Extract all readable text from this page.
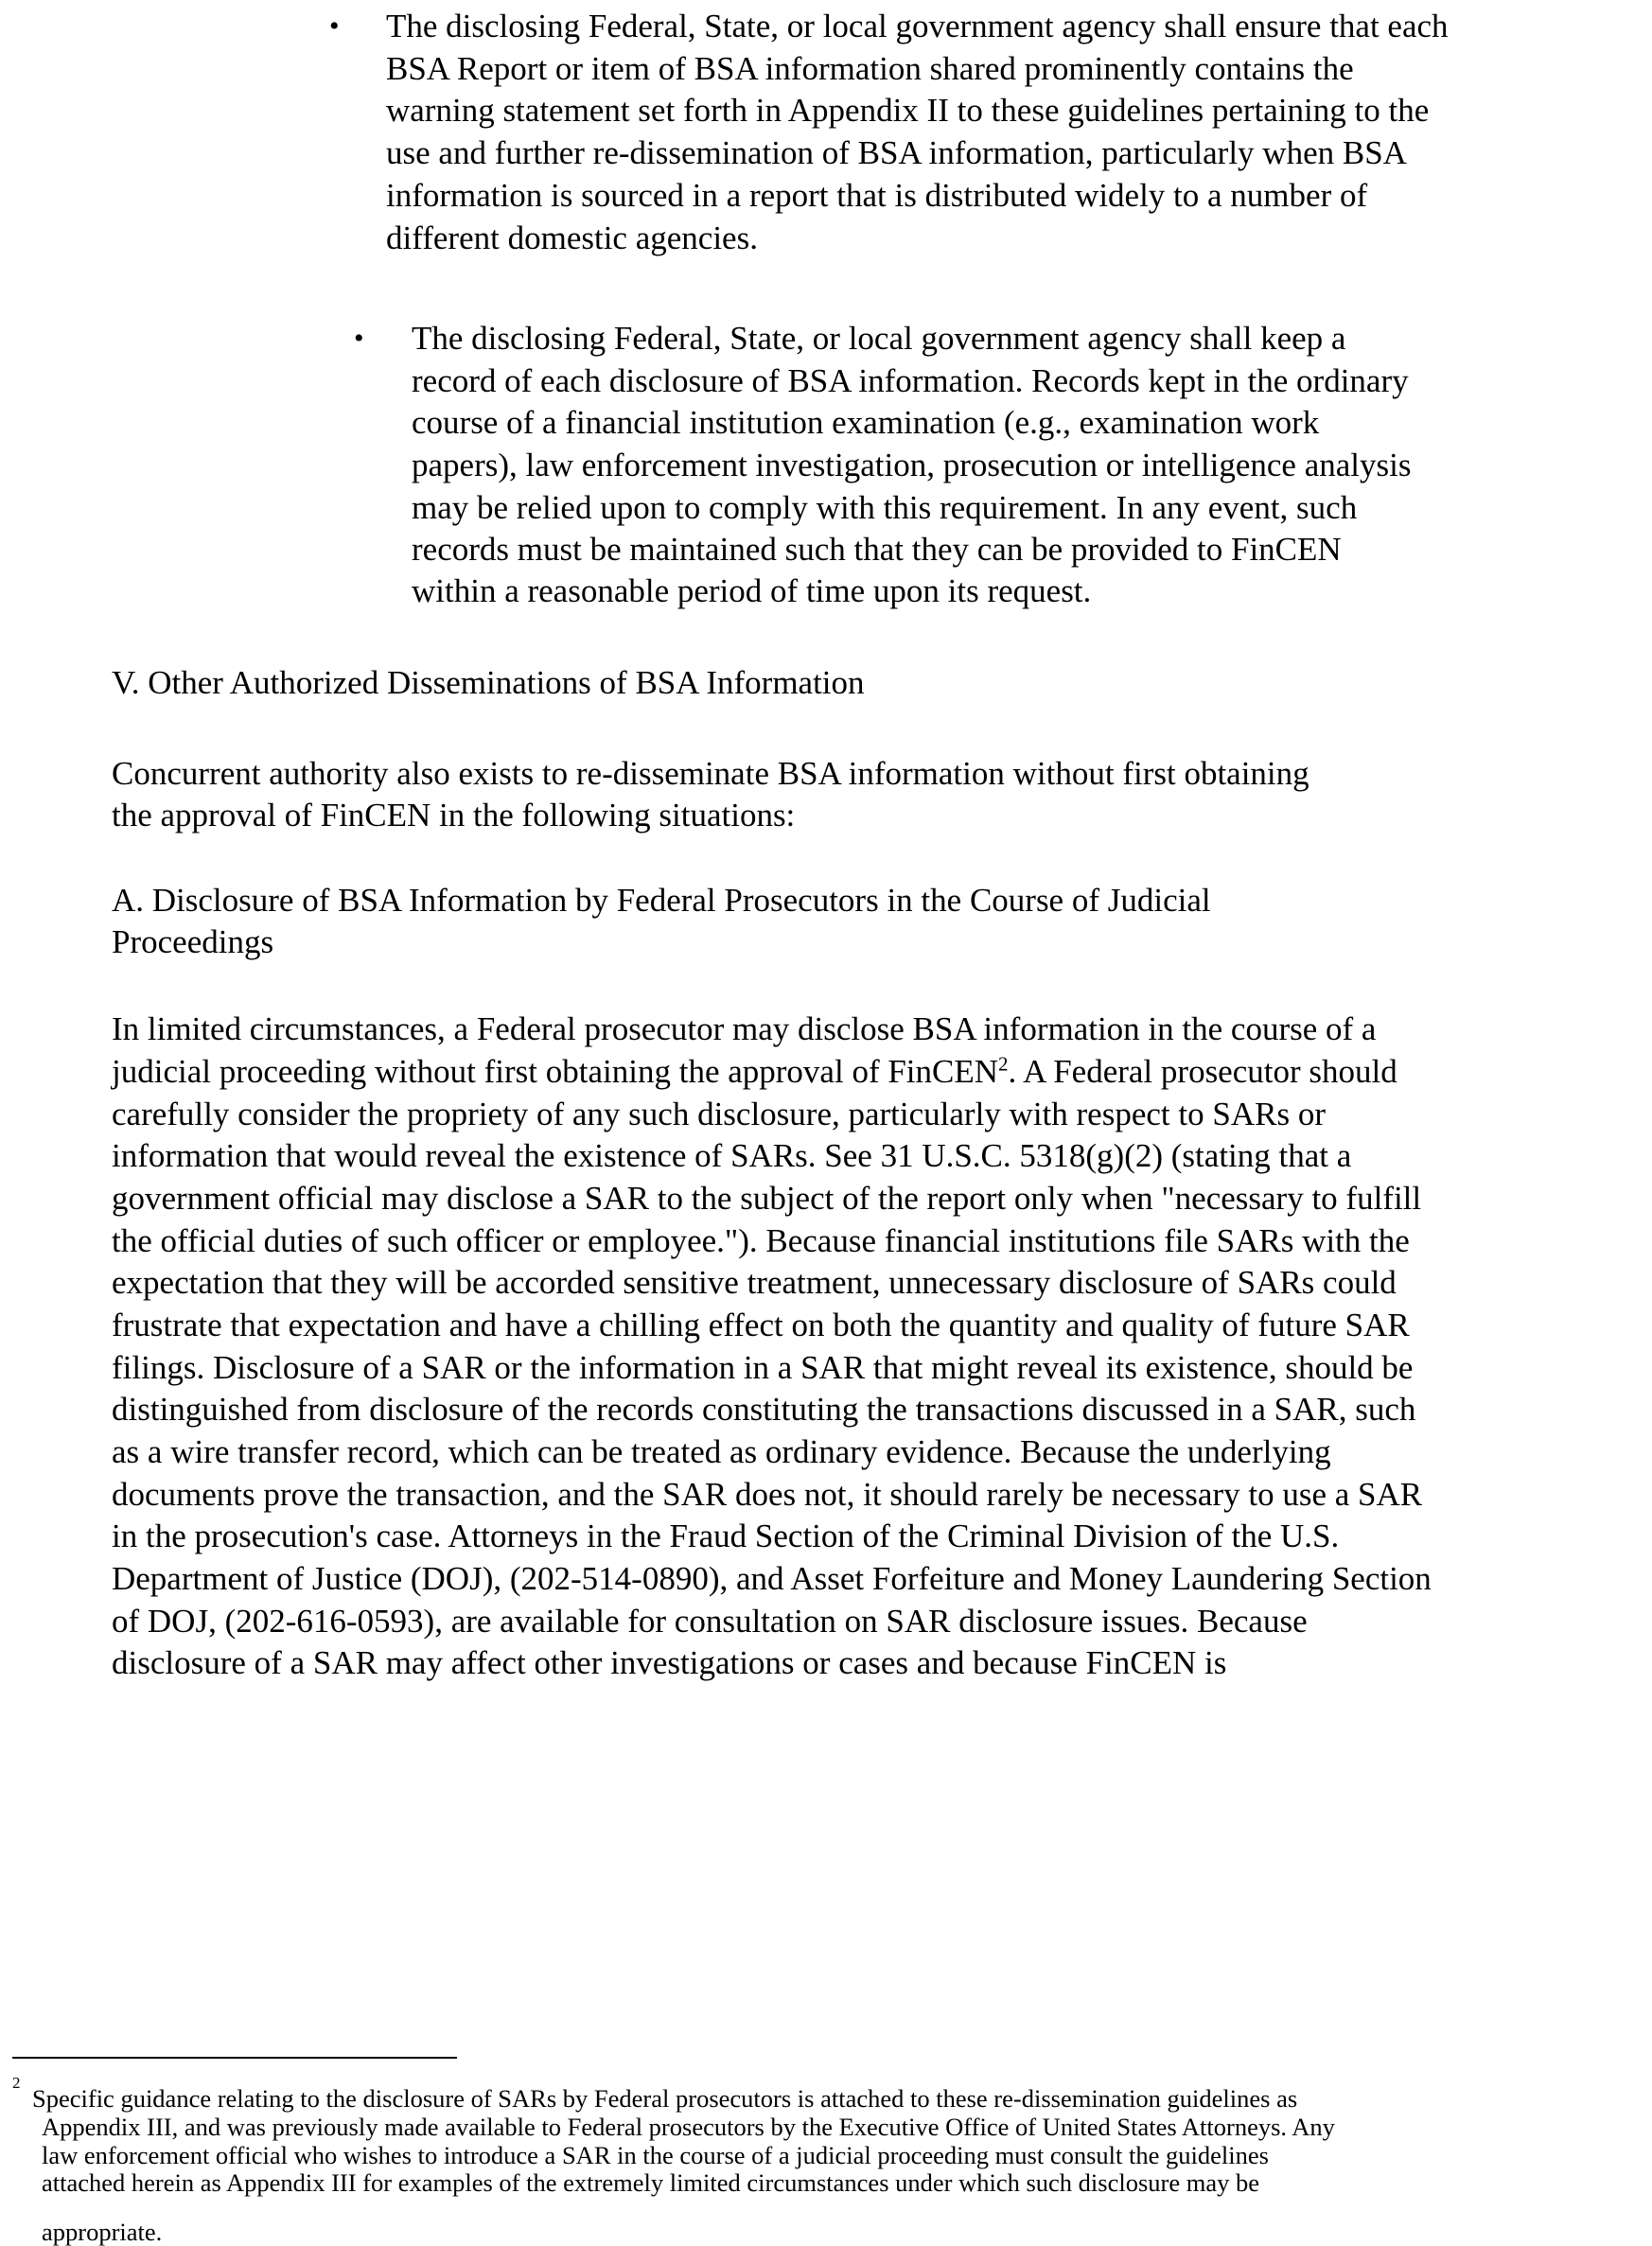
• The disclosing Federal, State, or local government agency shall ensure that each
BSA Report or item of BSA information shared prominently contains the
warning statement set forth in Appendix II to these guidelines pertaining to the
use and further re-dissemination of BSA information, particularly when BSA
information is sourced in a report that is distributed widely to a number of
different domestic agencies.
• The disclosing Federal, State, or local government agency shall keep a
record of each disclosure of BSA information. Records kept in the ordinary
course of a financial institution examination (e.g., examination work
papers), law enforcement investigation, prosecution or intelligence analysis
may be relied upon to comply with this requirement. In any event, such
records must be maintained such that they can be provided to FinCEN
within a reasonable period of time upon its request.
V. Other Authorized Disseminations of BSA Information
Concurrent authority also exists to re-disseminate BSA information without first obtaining
the approval of FinCEN in the following situations:
A. Disclosure of BSA Information by Federal Prosecutors in the Course of Judicial
Proceedings
In limited circumstances, a Federal prosecutor may disclose BSA information in the course of a
judicial proceeding without first obtaining the approval of FinCEN$^2$. A Federal prosecutor should
carefully consider the propriety of any such disclosure, particularly with respect to SARs or
information that would reveal the existence of SARs. See 31 U.S.C. 5318(g)(2) (stating that a
government official may disclose a SAR to the subject of the report only when "necessary to fulfill
the official duties of such officer or employee."). Because financial institutions file SARs with the
expectation that they will be accorded sensitive treatment, unnecessary disclosure of SARs could
frustrate that expectation and have a chilling effect on both the quantity and quality of future SAR
filings. Disclosure of a SAR or the information in a SAR that might reveal its existence, should be
distinguished from disclosure of the records constituting the transactions discussed in a SAR, such
as a wire transfer record, which can be treated as ordinary evidence. Because the underlying
documents prove the transaction, and the SAR does not, it should rarely be necessary to use a SAR
in the prosecution's case. Attorneys in the Fraud Section of the Criminal Division of the U.S.
Department of Justice (DOJ), (202-514-0890), and Asset Forfeiture and Money Laundering Section
of DOJ, (202-616-0593), are available for consultation on SAR disclosure issues. Because
disclosure of a SAR may affect other investigations or cases and because FinCEN is
2
Specific guidance relating to the disclosure of SARs by Federal prosecutors is attached to these re-dissemination guidelines as
Appendix III, and was previously made available to Federal prosecutors by the Executive Office of United States Attorneys. Any
law enforcement official who wishes to introduce a SAR in the course of a judicial proceeding must consult the guidelines
attached herein as Appendix III for examples of the extremely limited circumstances under which such disclosure may be
appropriate.
